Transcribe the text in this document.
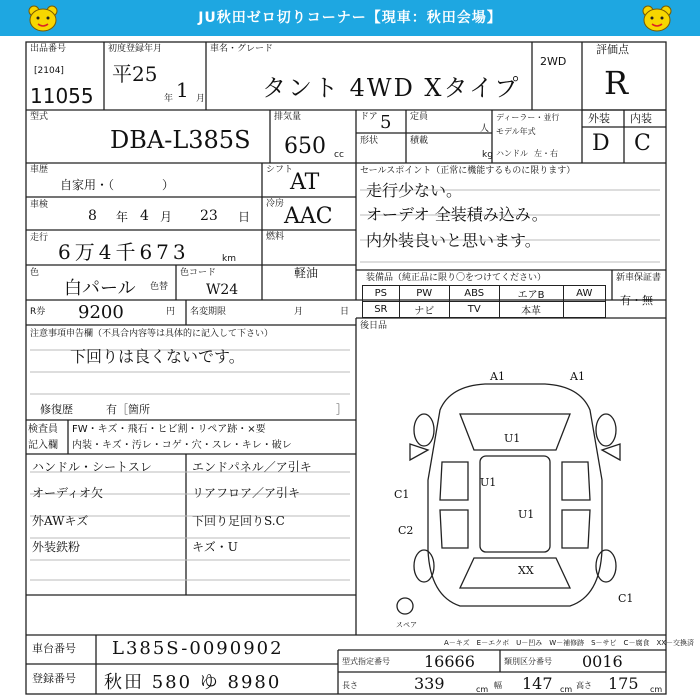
JU秋田ゼロ切りコーナー【現車：秋田会場】
出品番号
[2104]
11055
初度登録年月
平25
年 1 月
車名・グレード
タント 4WD Xタイプ
2WD
評価点
R
型式
DBA-L385S
排気量
650 cc
ドア 5
形状
定員
人
積載
kg
ディーラー・並行
モデル年式
ハンドル 左・右
外装 内装
D C
車歴
自家用・（　　　　）
車検
8 年 4 月 23 日
走行
6万4千673	km
色
白パール 色替
色コード
W24
シフト
AT
冷房 AAC
燃料
軽油
R券 9200	円 名変期限	月	日
セールスポイント（正常に機能するものに限ります）
走行少ない。
オーデオ 全装積み込み。
内外装良いと思います。
装備品（純正品に限り〇をつけてください）	新車保証書
有・無
PS	PW	ABS	エアB	AW
SR	ナビ	TV	本革	
後日品
注意事項申告欄（不具合内容等は具体的に記入して下さい）
下回りは良くないです。
修復歴	有［箇所	］
検査員
記入欄
FW・キズ・飛石・ヒビ割・リペア跡・×要
内装・キズ・汚レ・コゲ・穴・スレ・キレ・破レ
ハンドル・シートスレ
オーディオ欠
外AWキズ
外装鉄粉
エンドパネル／ア引キ
リアフロア／ア引キ
下回り足回りS.C
キズ・U
A1	A1
U1
U1
C1
C2
XX
C1
U1
スペア
A－キズ　E－エクボ　U－凹み　W－補修跡　S－サビ　C－腐食　XX－交換済
車台番号 L385S-0090902
登録番号 秋田 580 ゆ 8980
型式指定番号 16666	類別区分番号 0016
長さ	339	cm 幅 147 cm 高さ 175 cm
